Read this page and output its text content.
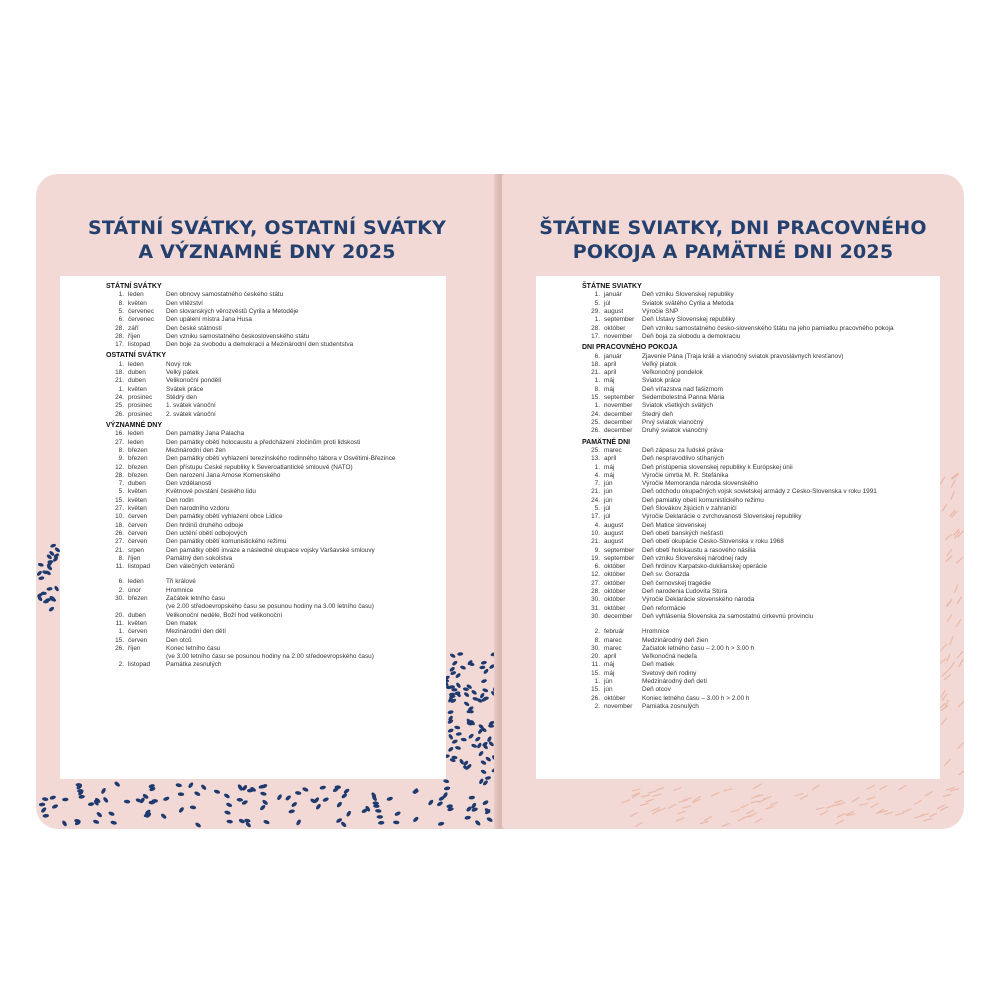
STÁTNÍ SVÁTKY, OSTATNÍ SVÁTKY
A VÝZNAMNÉ DNY 2025
STÁTNÍ SVÁTKY
1. leden	Den obnovy samostatného českého státu
8. květen	Den vítězství
5. červenec	Den slovanských věrozvěstů Cyrila a Metoděje
6. červenec	Den upálení mistra Jana Husa
28. září	Den české státnosti
28. říjen	Den vzniku samostatného československého státu
17. listopad	Den boje za svobodu a demokracii a Mezinárodní den studentstva
OSTATNÍ SVÁTKY
1. leden	Nový rok
18. duben	Velký pátek
21. duben	Velikonoční pondělí
1. květen	Svátek práce
24. prosinec	Štědrý den
25. prosinec	1. svátek vánoční
26. prosinec	2. svátek vánoční
VÝZNAMNÉ DNY
16. leden	Den památky Jana Palacha
27. leden	Den památky obětí holocaustu a předcházení zločinům proti lidskosti
8. březen	Mezinárodní den žen
9. březen	Den památky obětí vyhlazení terezínského rodinného tábora v Osvětimi-Březince
12. březen	Den přístupu České republiky k Severoatlantické smlouvě (NATO)
28. březen	Den narození Jana Amose Komenského
7. duben	Den vzdělanosti
5. květen	Květnové povstání českého lidu
15. květen	Den rodin
27. květen	Den narodního vzdoru
10. červen	Den památky obětí vyhlazení obce Lidice
18. červen	Den hrdinů druhého odboje
26. červen	Den uctění obětí odbojových
27. červen	Den památky obětí komunistického režimu
21. srpen	Den památky obětí invaze a následné okupace vojsky Varšavské smlouvy
8. říjen	Památný den sokolstva
11. listopad	Den válečných veteránů
6. leden	Tři králové
2. únor	Hromnice
30. březen	Začátek letního času
(ve 2.00 středoevropského času se posunou hodiny na 3.00 letního času)
20. duben	Velikonoční neděle, Boží hod velikonoční
11. květen	Den matek
1. červen	Mezinárodní den dětí
15. červen	Den otců
26. říjen	Konec letního času
(ve 3.00 letního času se posunou hodiny na 2.00 středoevropského času)
2. listopad	Památka zesnulých
ŠTÁTNE SVIATKY, DNI PRACOVNÉHO
POKOJA A PAMÄTNÉ DNI 2025
ŠTÁTNE SVIATKY
1. január	Deň vzniku Slovenskej republiky
5. júl	Sviatok svätého Cyrila a Metoda
29. august	Výročie SNP
1. september	Deň Ústavy Slovenskej republiky
28. október	Deň vzniku samostatného česko-slovenského štátu na jeho pamiatku pracovného pokoja
17. november	Deň boja za slobodu a demokraciu
DNI PRACOVNÉHO POKOJA
6. január	Zjavenie Pána (Traja králi a vianočný sviatok pravoslávnych kresťanov)
18. apríl	Veľký piatok
21. apríl	Veľkonočný pondelok
1. máj	Sviatok práce
8. máj	Deň víťazstva nad fašizmom
15. september	Sedembolestná Panna Mária
1. november	Sviatok všetkých svätých
24. december	Štedrý deň
25. december	Prvý sviatok vianočný
26. december	Druhý sviatok vianočný
PAMÄTNÉ DNI
25. marec	Deň zápasu za ľudské práva
13. apríl	Deň nespravodlivo stíhaných
1. máj	Deň pristúpenia slovenskej republiky k Európskej únii
4. máj	Výročie úmrtia M. R. Štefánika
7. jún	Výročie Memoranda národa slovenského
21. jún	Deň odchodu okupačných vojsk sovietskej armády z Česko-Slovenska v roku 1991
24. jún	Deň pamiatky obetí komunistického režimu
5. júl	Deň Slovákov žijúcich v zahraničí
17. júl	Výročie Deklarácie o zvrchovanosti Slovenskej republiky
4. august	Deň Matice slovenskej
10. august	Deň obetí banských nešťastí
21. august	Deň obetí okupácie Česko-Slovenska v roku 1968
9. september	Deň obetí holokaustu a rasového násilia
19. september	Deň vzniku Slovenskej národnej rady
6. október	Deň hrdinov Karpatsko-duklianskej operácie
12. október	Deň sv. Gorazda
27. október	Deň černovskej tragédie
28. október	Deň narodenia Ľudovíta Štúra
30. október	Výročie Deklarácie slovenského národa
31. október	Deň reformácie
30. december	Deň vyhlásenia Slovenska za samostatnú cirkevnú provinciu
2. február	Hromnice
8. marec	Medzinárodný deň žien
30. marec	Začiatok letného času – 2.00 h > 3.00 h
20. apríl	Veľkonočná nedeľa
11. máj	Deň matiek
15. máj	Svetový deň rodiny
1. jún	Medzinárodný deň detí
15. jún	Deň otcov
26. október	Koniec letného času – 3.00 h > 2.00 h
2. november	Pamiatka zosnulých
